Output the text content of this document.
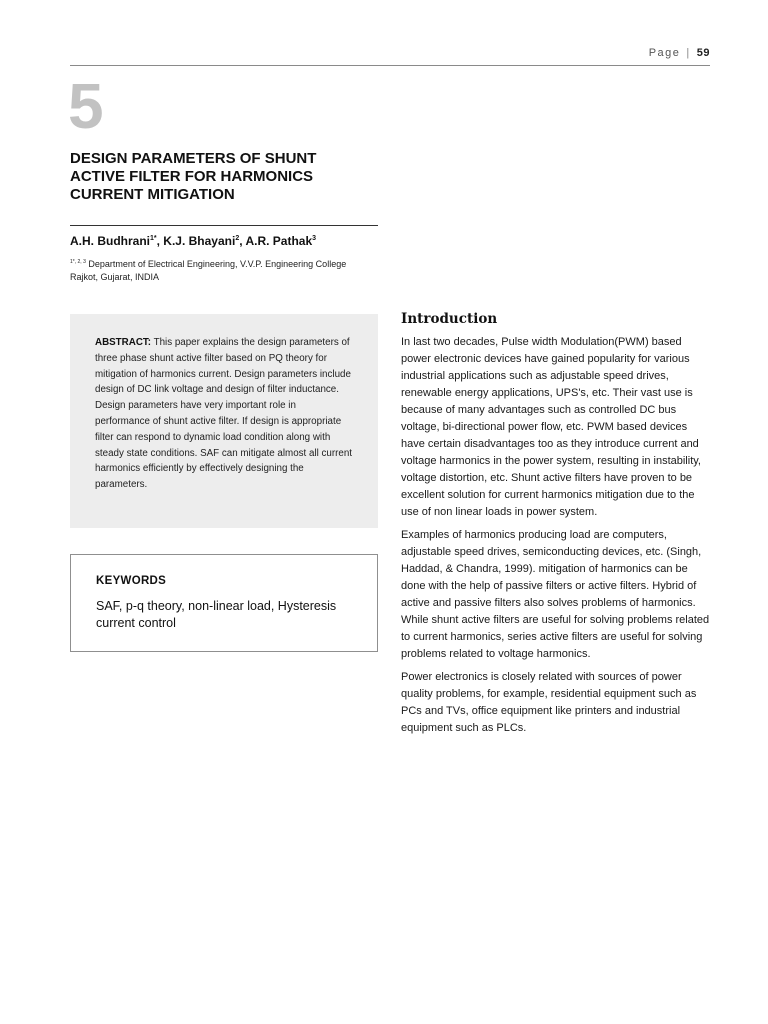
Page | 59
5
DESIGN PARAMETERS OF SHUNT ACTIVE FILTER FOR HARMONICS CURRENT MITIGATION
A.H. Budhrani$^{1*}$, K.J. Bhayani$^2$, A.R. Pathak$^3$
$^{1*, 2, 3}$ Department of Electrical Engineering, V.V.P. Engineering College
Rajkot, Gujarat, INDIA

ABSTRACT: This paper explains the design parameters of three phase shunt active filter based on PQ theory for mitigation of harmonics current. Design parameters include design of DC link voltage and design of filter inductance. Design parameters have very important role in performance of shunt active filter. If design is appropriate filter can respond to dynamic load condition along with steady state conditions. SAF can mitigate almost all current harmonics efficiently by effectively designing the parameters.

KEYWORDS
SAF, p-q theory, non-linear load, Hysteresis current control
Introduction

In last two decades, Pulse width Modulation(PWM) based power electronic devices have gained popularity for various industrial applications such as adjustable speed drives, renewable energy applications, UPS's, etc. Their vast use is because of many advantages such as controlled DC bus voltage, bi-directional power flow, etc. PWM based devices have certain disadvantages too as they introduce current and voltage harmonics in the power system, resulting in instability, voltage distortion, etc. Shunt active filters have proven to be excellent solution for current harmonics mitigation due to the use of non linear loads in power system.

Examples of harmonics producing load are computers, adjustable speed drives, semiconducting devices, etc. (Singh, Haddad, & Chandra, 1999). mitigation of harmonics can be done with the help of passive filters or active filters. Hybrid of active and passive filters also solves problems of harmonics. While shunt active filters are useful for solving problems related to current harmonics, series active filters are useful for solving problems related to voltage harmonics.

Power electronics is closely related with sources of power quality problems, for example, residential equipment such as PCs and TVs, office equipment like printers and industrial equipment such as PLCs.
